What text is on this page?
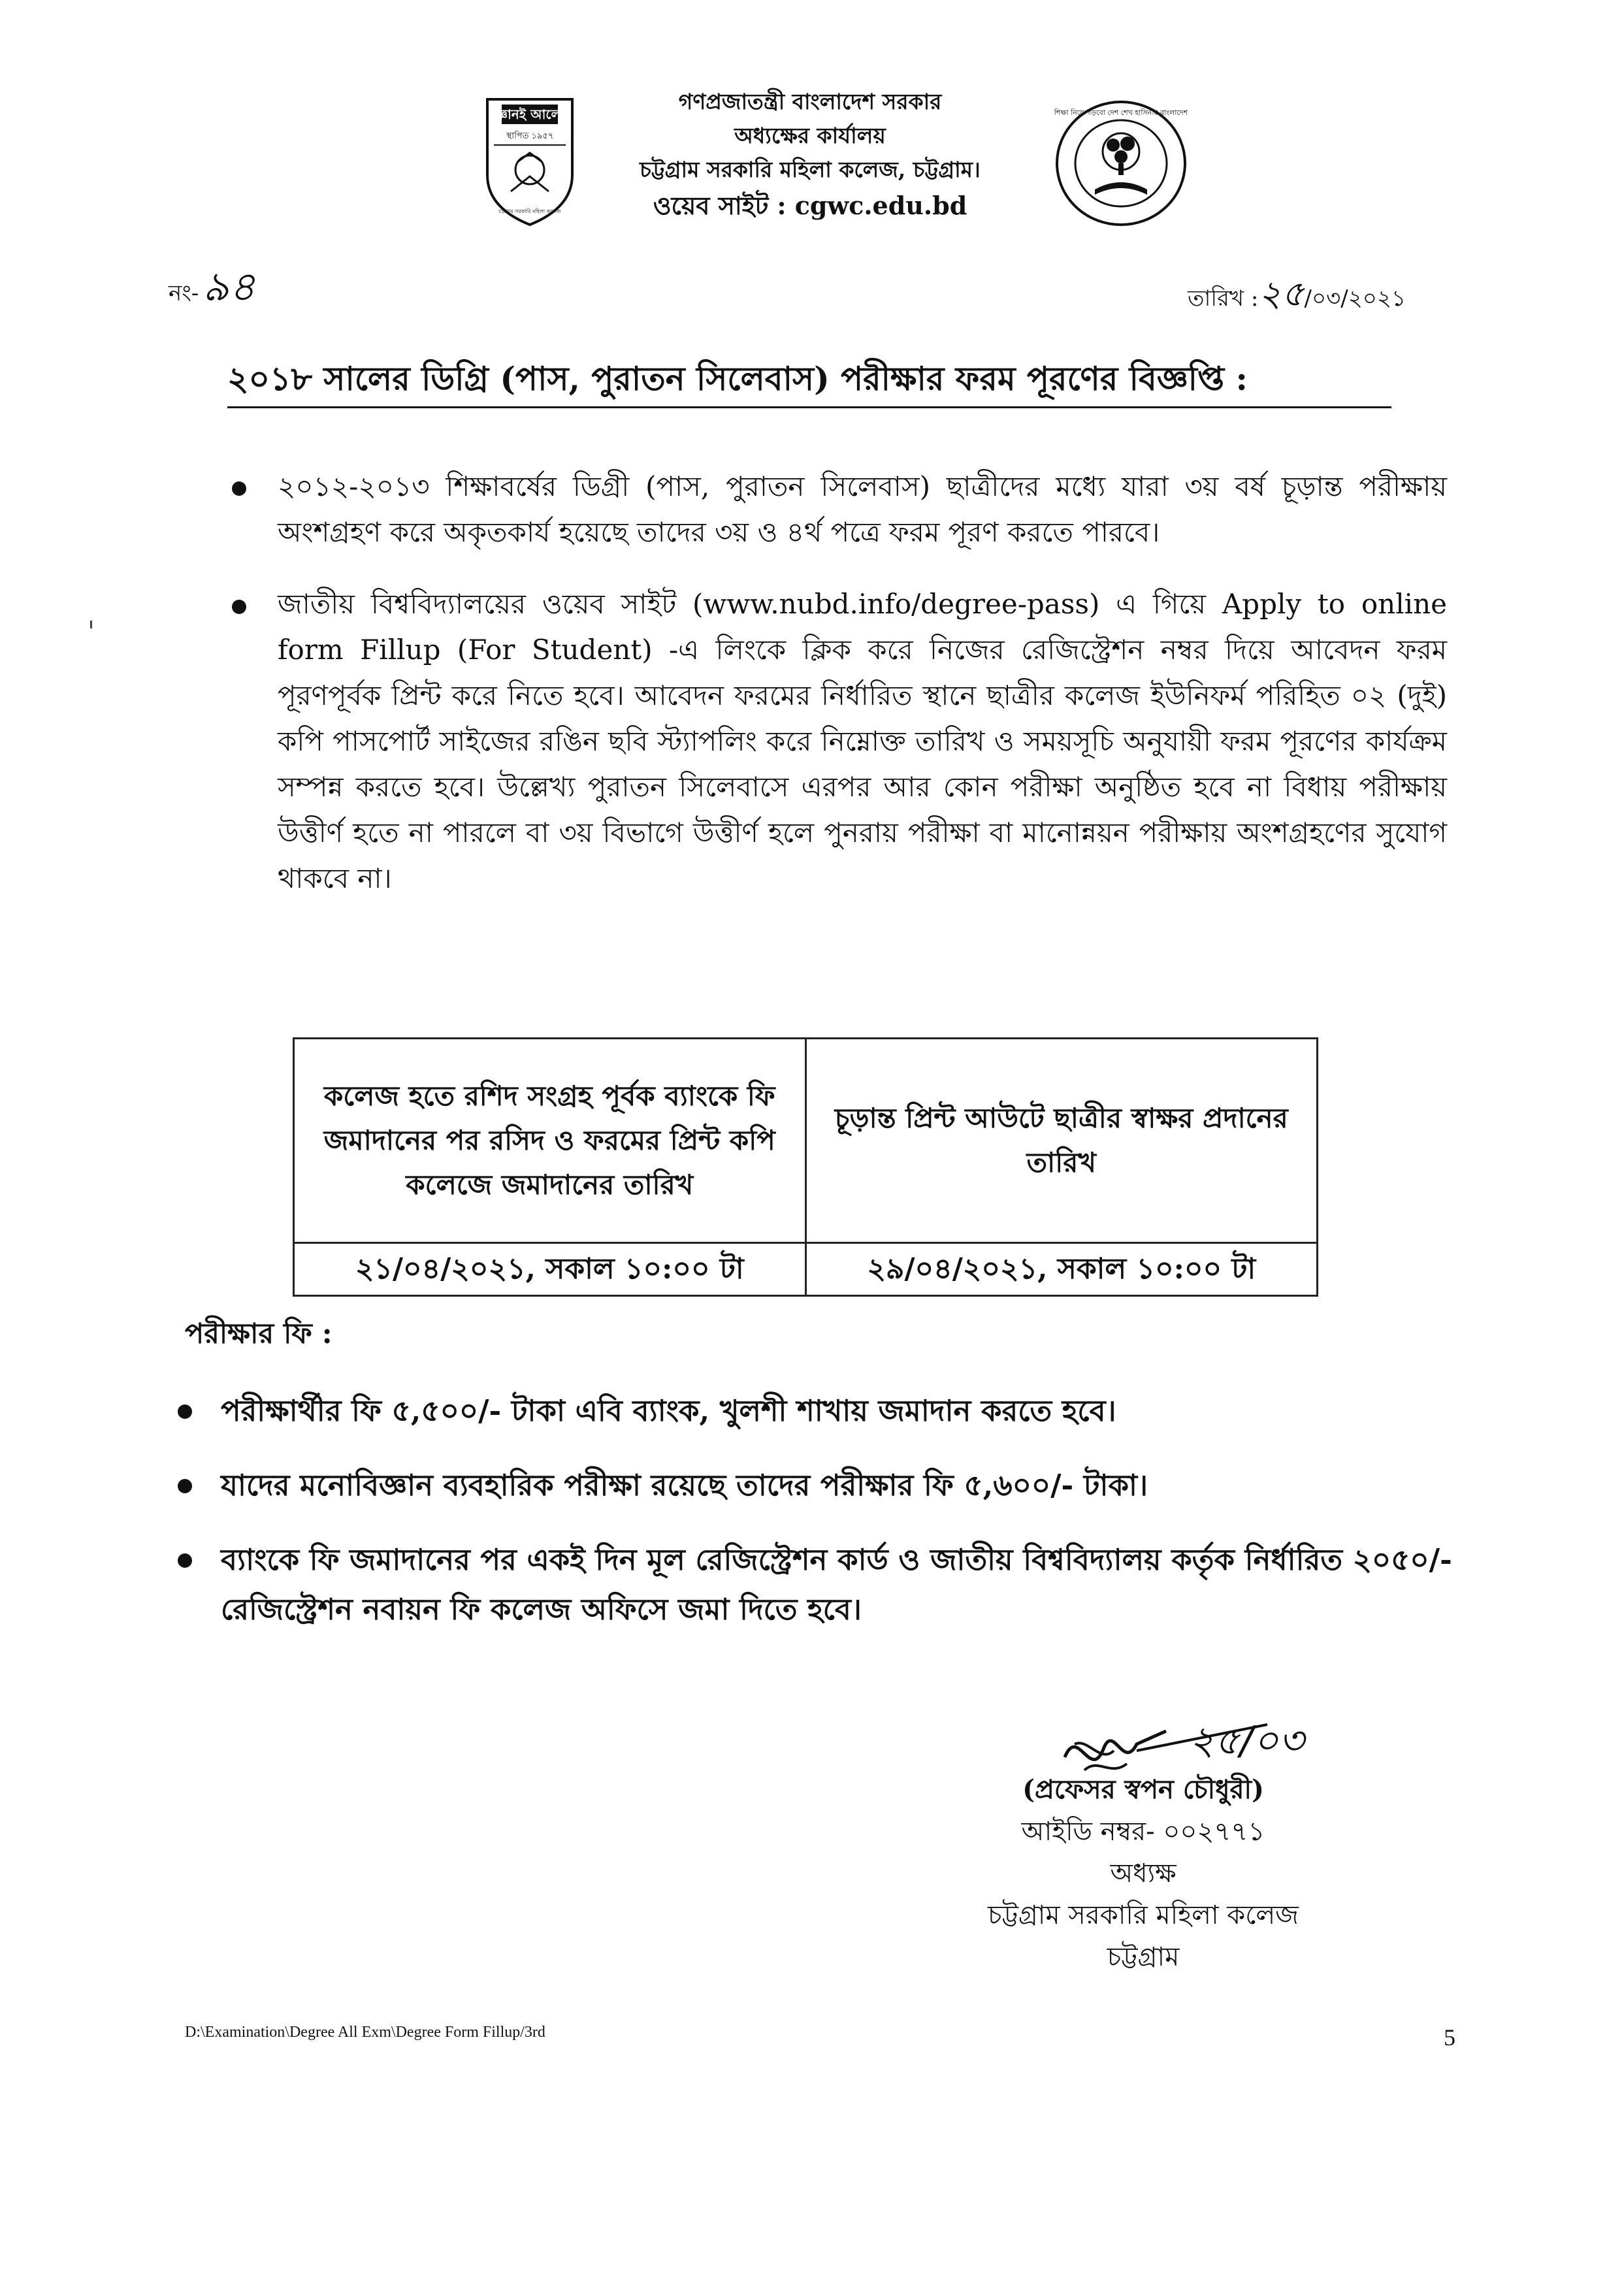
জ্ঞানই আলো
স্থাপিত ১৯৫৭
চট্টগ্রাম সরকারি মহিলা কলেজ
গণপ্রজাতন্ত্রী বাংলাদেশ সরকার
অধ্যক্ষের কার্যালয়
চট্টগ্রাম সরকারি মহিলা কলেজ, চট্টগ্রাম।
ওয়েব সাইট : cgwc.edu.bd
শিক্ষা নিয়ে গড়বো দেশ শেখ হাসিনার বাংলাদেশ
নং-৯৪	তারিখ :২৫/০৩/২০২১
২০১৮ সালের ডিগ্রি (পাস, পুরাতন সিলেবাস) পরীক্ষার ফরম পূরণের বিজ্ঞপ্তি :

২০১২-২০১৩ শিক্ষাবর্ষের ডিগ্রী (পাস, পুরাতন সিলেবাস) ছাত্রীদের মধ্যে যারা ৩য় বর্ষ চূড়ান্ত পরীক্ষায় অংশগ্রহণ করে অকৃতকার্য হয়েছে তাদের ৩য় ও ৪র্থ পত্রে ফরম পূরণ করতে পারবে।

জাতীয় বিশ্ববিদ্যালয়ের ওয়েব সাইট (www.nubd.info/degree-pass) এ গিয়ে Apply to online form Fillup (For Student) -এ লিংকে ক্লিক করে নিজের রেজিস্ট্রেশন নম্বর দিয়ে আবেদন ফরম পূরণপূর্বক প্রিন্ট করে নিতে হবে। আবেদন ফরমের নির্ধারিত স্থানে ছাত্রীর কলেজ ইউনিফর্ম পরিহিত ০২ (দুই) কপি পাসপোর্ট সাইজের রঙিন ছবি স্ট্যাপলিং করে নিম্নোক্ত তারিখ ও সময়সূচি অনুযায়ী ফরম পূরণের কার্যক্রম সম্পন্ন করতে হবে। উল্লেখ্য পুরাতন সিলেবাসে এরপর আর কোন পরীক্ষা অনুষ্ঠিত হবে না বিধায় পরীক্ষায় উত্তীর্ণ হতে না পারলে বা ৩য় বিভাগে উত্তীর্ণ হলে পুনরায় পরীক্ষা বা মানোন্নয়ন পরীক্ষায় অংশগ্রহণের সুযোগ থাকবে না।

কলেজ হতে রশিদ সংগ্রহ পূর্বক ব্যাংকে ফি জমাদানের পর রসিদ ও ফরমের প্রিন্ট কপি কলেজে জমাদানের তারিখ	চূড়ান্ত প্রিন্ট আউটে ছাত্রীর স্বাক্ষর প্রদানের তারিখ
২১/০৪/২০২১, সকাল ১০:০০ টা	২৯/০৪/২০২১, সকাল ১০:০০ টা
পরীক্ষার ফি :

পরীক্ষার্থীর ফি ৫,৫০০/- টাকা এবি ব্যাংক, খুলশী শাখায় জমাদান করতে হবে।

যাদের মনোবিজ্ঞান ব্যবহারিক পরীক্ষা রয়েছে তাদের পরীক্ষার ফি ৫,৬০০/- টাকা।

ব্যাংকে ফি জমাদানের পর একই দিন মূল রেজিস্ট্রেশন কার্ড ও জাতীয় বিশ্ববিদ্যালয় কর্তৃক নির্ধারিত ২০৫০/- রেজিস্ট্রেশন নবায়ন ফি কলেজ অফিসে জমা দিতে হবে।

২৫/০৩
(প্রফেসর স্বপন চৌধুরী)
আইডি নম্বর- ০০২৭৭১
অধ্যক্ষ
চট্টগ্রাম সরকারি মহিলা কলেজ
চট্টগ্রাম
D:\Examination\Degree All Exm\Degree Form Fillup/3rd	5
